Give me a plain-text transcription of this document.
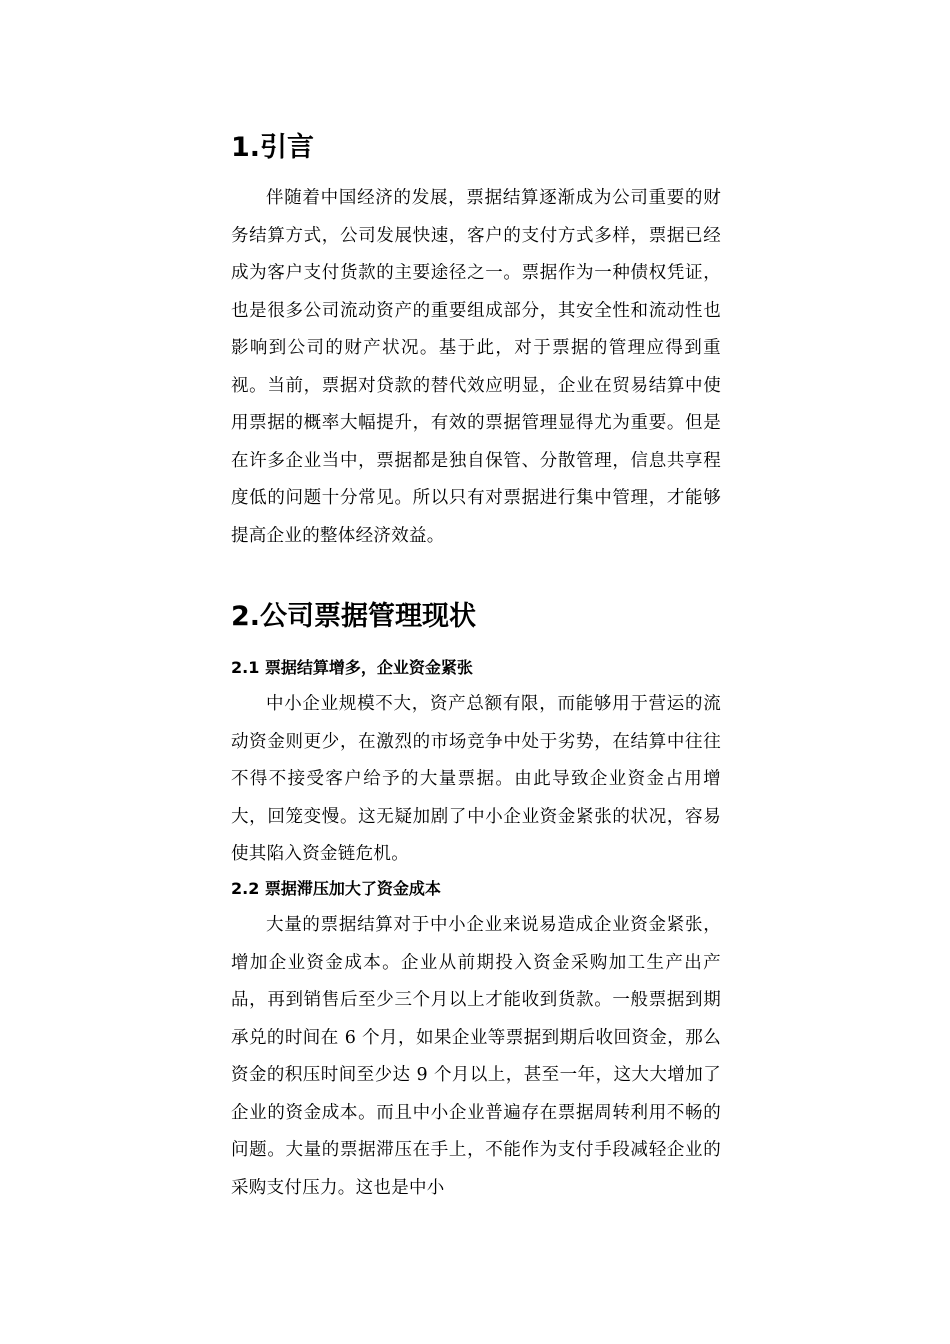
1.引言

伴随着中国经济的发展，票据结算逐渐成为公司重要的财务结算方式，公司发展快速，客户的支付方式多样，票据已经成为客户支付货款的主要途径之一。票据作为一种债权凭证，也是很多公司流动资产的重要组成部分，其安全性和流动性也影响到公司的财产状况。基于此，对于票据的管理应得到重视。当前，票据对贷款的替代效应明显，企业在贸易结算中使用票据的概率大幅提升，有效的票据管理显得尤为重要。但是在许多企业当中，票据都是独自保管、分散管理，信息共享程度低的问题十分常见。所以只有对票据进行集中管理，才能够提高企业的整体经济效益。

2.公司票据管理现状
2.1 票据结算增多，企业资金紧张

中小企业规模不大，资产总额有限，而能够用于营运的流动资金则更少，在激烈的市场竞争中处于劣势，在结算中往往不得不接受客户给予的大量票据。由此导致企业资金占用增大，回笼变慢。这无疑加剧了中小企业资金紧张的状况，容易使其陷入资金链危机。

2.2 票据滞压加大了资金成本

大量的票据结算对于中小企业来说易造成企业资金紧张，增加企业资金成本。企业从前期投入资金采购加工生产出产品，再到销售后至少三个月以上才能收到货款。一般票据到期承兑的时间在 6 个月，如果企业等票据到期后收回资金，那么资金的积压时间至少达 9 个月以上，甚至一年，这大大增加了企业的资金成本。而且中小企业普遍存在票据周转利用不畅的问题。大量的票据滞压在手上，不能作为支付手段减轻企业的采购支付压力。这也是中小
